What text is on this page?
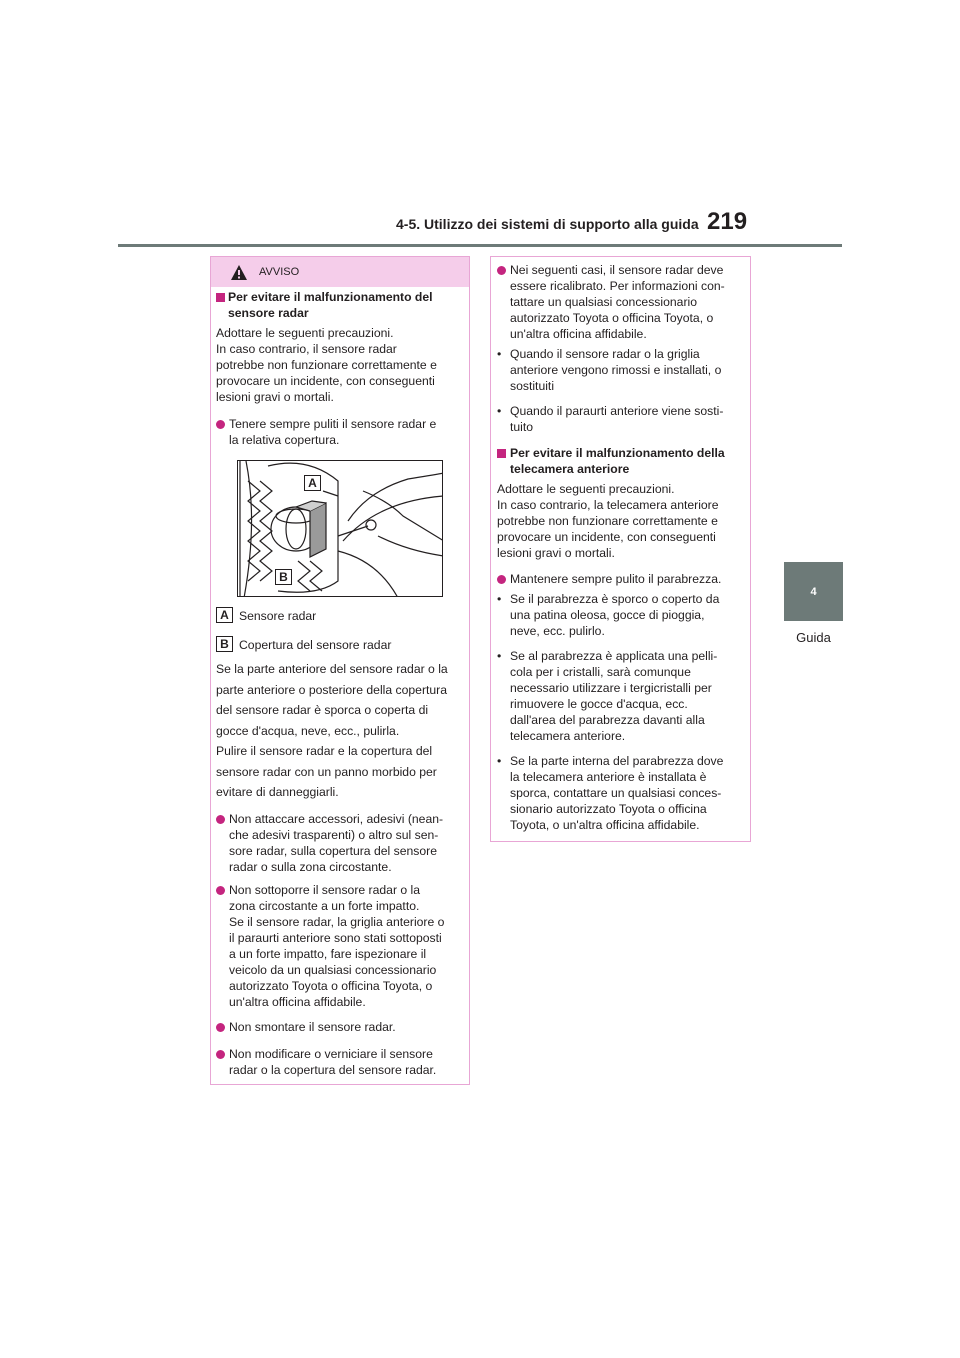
4-5. Utilizzo dei sistemi di supporto alla guida 219
4
Guida
AVVISO
Per evitare il malfunzionamento del
sensore radar
Adottare le seguenti precauzioni.
In caso contrario, il sensore radar
potrebbe non funzionare correttamente e
provocare un incidente, con conseguenti
lesioni gravi o mortali.
Tenere sempre puliti il sensore radar e
la relativa copertura.
A
B
A Sensore radar
B Copertura del sensore radar
Se la parte anteriore del sensore radar o la
parte anteriore o posteriore della copertura
del sensore radar è sporca o coperta di
gocce d'acqua, neve, ecc., pulirla.
Pulire il sensore radar e la copertura del
sensore radar con un panno morbido per
evitare di danneggiarli.
Non attaccare accessori, adesivi (nean-
che adesivi trasparenti) o altro sul sen-
sore radar, sulla copertura del sensore
radar o sulla zona circostante.
Non sottoporre il sensore radar o la
zona circostante a un forte impatto.
Se il sensore radar, la griglia anteriore o
il paraurti anteriore sono stati sottoposti
a un forte impatto, fare ispezionare il
veicolo da un qualsiasi concessionario
autorizzato Toyota o officina Toyota, o
un'altra officina affidabile.
Non smontare il sensore radar.
Non modificare o verniciare il sensore
radar o la copertura del sensore radar.
Nei seguenti casi, il sensore radar deve
essere ricalibrato. Per informazioni con-
tattare un qualsiasi concessionario
autorizzato Toyota o officina Toyota, o
un'altra officina affidabile.
• Quando il sensore radar o la griglia
anteriore vengono rimossi e installati, o
sostituiti
• Quando il paraurti anteriore viene sosti-
tuito
Per evitare il malfunzionamento della
telecamera anteriore
Adottare le seguenti precauzioni.
In caso contrario, la telecamera anteriore
potrebbe non funzionare correttamente e
provocare un incidente, con conseguenti
lesioni gravi o mortali.
Mantenere sempre pulito il parabrezza.
• Se il parabrezza è sporco o coperto da
una patina oleosa, gocce di pioggia,
neve, ecc. pulirlo.
• Se al parabrezza è applicata una pelli-
cola per i cristalli, sarà comunque
necessario utilizzare i tergicristalli per
rimuovere le gocce d'acqua, ecc.
dall'area del parabrezza davanti alla
telecamera anteriore.
• Se la parte interna del parabrezza dove
la telecamera anteriore è installata è
sporca, contattare un qualsiasi conces-
sionario autorizzato Toyota o officina
Toyota, o un'altra officina affidabile.
